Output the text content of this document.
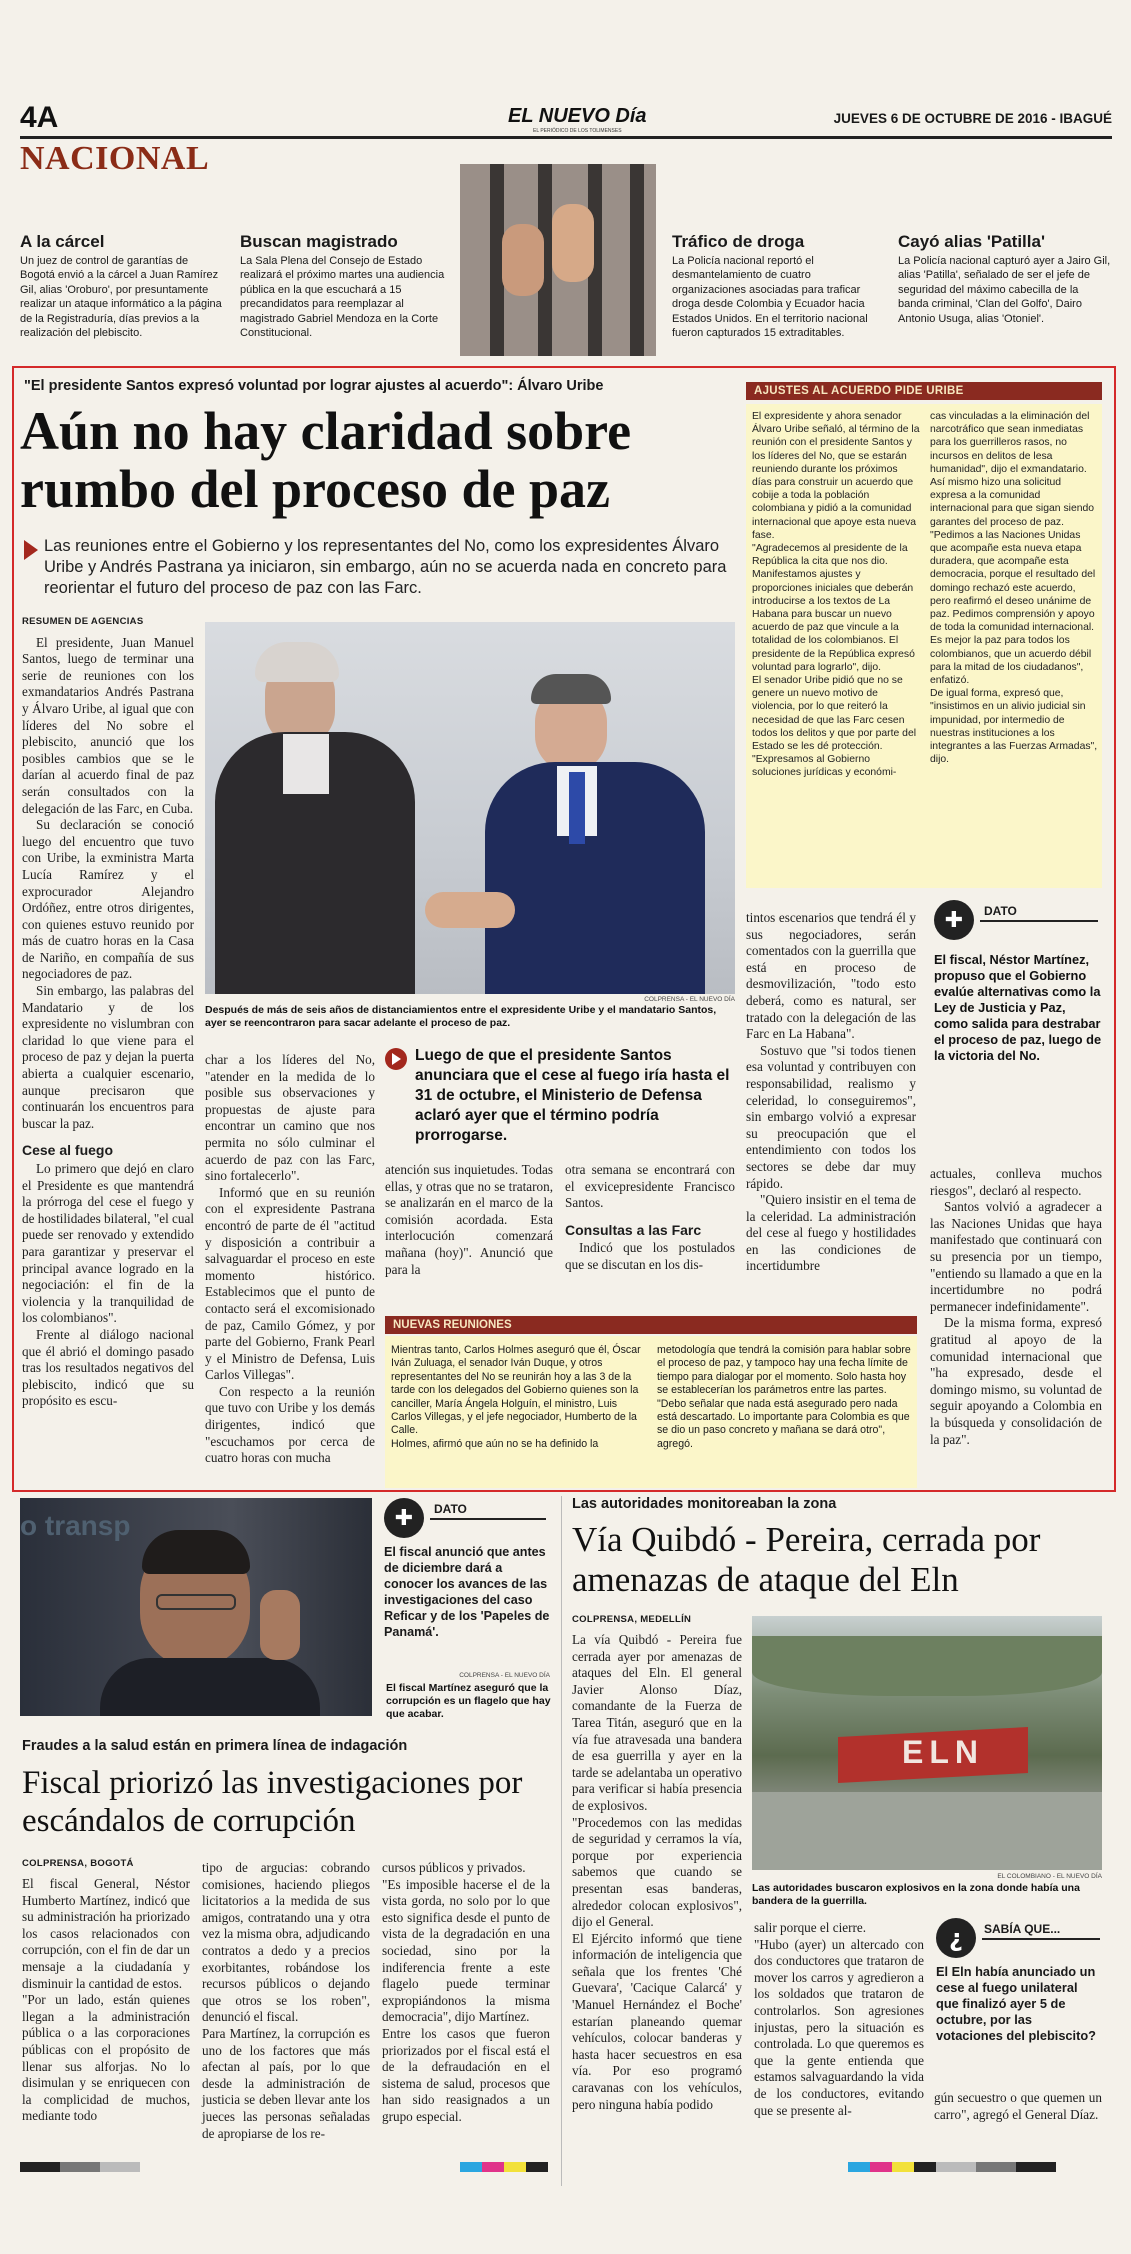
4A	EL NUEVO Día
EL PERIÓDICO DE LOS TOLIMENSES
JUEVES 6 DE OCTUBRE DE 2016 - IBAGUÉ
NACIONAL
A la cárcel
Un juez de control de garantías de Bogotá envió a la cárcel a Juan Ramírez Gil, alias 'Oroburo', por presuntamente realizar un ataque informático a la página de la Registraduría, días previos a la realización del plebiscito.
Buscan magistrado
La Sala Plena del Consejo de Estado realizará el próximo martes una audiencia pública en la que escuchará a 15 precandidatos para reemplazar al magistrado Gabriel Mendoza en la Corte Constitucional.
Tráfico de droga
La Policía nacional reportó el desmantelamiento de cuatro organizaciones asociadas para traficar droga desde Colombia y Ecuador hacia Estados Unidos. En el territorio nacional fueron capturados 15 extraditables.
Cayó alias 'Patilla'
La Policía nacional capturó ayer a Jairo Gil, alias 'Patilla', señalado de ser el jefe de seguridad del máximo cabecilla de la banda criminal, 'Clan del Golfo', Dairo Antonio Usuga, alias 'Otoniel'.
"El presidente Santos expresó voluntad por lograr ajustes al acuerdo": Álvaro Uribe
Aún no hay claridad sobre rumbo del proceso de paz
Las reuniones entre el Gobierno y los representantes del No, como los expresidentes Álvaro Uribe y Andrés Pastrana ya iniciaron, sin embargo, aún no se acuerda nada en concreto para reorientar el futuro del proceso de paz con las Farc.
COLPRENSA - EL NUEVO DÍA
Después de más de seis años de distanciamientos entre el expresidente Uribe y el mandatario Santos, ayer se reencontraron para sacar adelante el proceso de paz.
RESUMEN DE AGENCIAS

El presidente, Juan Manuel Santos, luego de terminar una serie de reuniones con los exmandatarios Andrés Pastrana y Álvaro Uribe, al igual que con líderes del No sobre el plebiscito, anunció que los posibles cambios que se le darían al acuerdo final de paz serán consultados con la delegación de las Farc, en Cuba.

Su declaración se conoció luego del encuentro que tuvo con Uribe, la exministra Marta Lucía Ramírez y el exprocurador Alejandro Ordóñez, entre otros dirigentes, con quienes estuvo reunido por más de cuatro horas en la Casa de Nariño, en compañía de sus negociadores de paz.

Sin embargo, las palabras del Mandatario y de los expresidente no vislumbran con claridad lo que viene para el proceso de paz y dejan la puerta abierta a cualquier escenario, aunque precisaron que continuarán los encuentros para buscar la paz.

Cese al fuego

Lo primero que dejó en claro el Presidente es que mantendrá la prórroga del cese el fuego y de hostilidades bilateral, "el cual puede ser renovado y extendido para garantizar y preservar el principal avance logrado en la negociación: el fin de la violencia y la tranquilidad de los colombianos".

Frente al diálogo nacional que él abrió el domingo pasado tras los resultados negativos del plebiscito, indicó que su propósito es escu-

char a los líderes del No, "atender en la medida de lo posible sus observaciones y propuestas de ajuste para encontrar un camino que nos permita no sólo culminar el acuerdo de paz con las Farc, sino fortalecerlo".

Informó que en su reunión con el expresidente Pastrana encontró de parte de él "actitud y disposición a contribuir a salvaguardar el proceso en este momento histórico. Establecimos que el punto de contacto será el excomisionado de paz, Camilo Gómez, y por parte del Gobierno, Frank Pearl y el Ministro de Defensa, Luis Carlos Villegas".

Con respecto a la reunión que tuvo con Uribe y los demás dirigentes, indicó que "escuchamos por cerca de cuatro horas con mucha

Luego de que el presidente Santos anunciara que el cese al fuego iría hasta el 31 de octubre, el Ministerio de Defensa aclaró ayer que el término podría prorrogarse.

atención sus inquietudes. Todas ellas, y otras que no se trataron, se analizarán en el marco de la comisión acordada. Esta interlocución comenzará mañana (hoy)". Anunció que para la

otra semana se encontrará con el exvicepresidente Francisco Santos.

Consultas a las Farc

Indicó que los postulados que se discutan en los dis-

tintos escenarios que tendrá él y sus negociadores, serán comentados con la guerrilla que está en proceso de desmovilización, "todo esto deberá, como es natural, ser tratado con la delegación de las Farc en La Habana".

Sostuvo que "si todos tienen esa voluntad y contribuyen con responsabilidad, realismo y celeridad, lo conseguiremos", sin embargo volvió a expresar su preocupación que el entendimiento con todos los sectores se debe dar muy rápido.

"Quiero insistir en el tema de la celeridad. La administración del cese al fuego y hostilidades en las condiciones de incertidumbre

AJUSTES AL ACUERDO PIDE URIBE
El expresidente y ahora senador Álvaro Uribe señaló, al término de la reunión con el presidente Santos y los líderes del No, que se estarán reuniendo durante los próximos días para construir un acuerdo que cobije a toda la población colombiana y pidió a la comunidad internacional que apoye esta nueva fase.
"Agradecemos al presidente de la República la cita que nos dio. Manifestamos ajustes y proporciones iniciales que deberán introducirse a los textos de La Habana para buscar un nuevo acuerdo de paz que vincule a la totalidad de los colombianos. El presidente de la República expresó voluntad para lograrlo", dijo.
El senador Uribe pidió que no se genere un nuevo motivo de violencia, por lo que reiteró la necesidad de que las Farc cesen todos los delitos y que por parte del Estado se les dé protección.
"Expresamos al Gobierno soluciones jurídicas y económi-
cas vinculadas a la eliminación del narcotráfico que sean inmediatas para los guerrilleros rasos, no incursos en delitos de lesa humanidad", dijo el exmandatario.
Así mismo hizo una solicitud expresa a la comunidad internacional para que sigan siendo garantes del proceso de paz.
"Pedimos a las Naciones Unidas que acompañe esta nueva etapa duradera, que acompañe esta democracia, porque el resultado del domingo rechazó este acuerdo, pero reafirmó el deseo unánime de paz. Pedimos comprensión y apoyo de toda la comunidad internacional. Es mejor la paz para todos los colombianos, que un acuerdo débil para la mitad de los ciudadanos", enfatizó.
De igual forma, expresó que, "insistimos en un alivio judicial sin impunidad, por intermedio de nuestras instituciones a los integrantes a las Fuerzas Armadas", dijo.
✚	DATO
El fiscal, Néstor Martínez, propuso que el Gobierno evalúe alternativas como la Ley de Justicia y Paz, como salida para destrabar el proceso de paz, luego de la victoria del No.

actuales, conlleva muchos riesgos", declaró al respecto.

Santos volvió a agradecer a las Naciones Unidas que haya manifestado que continuará con su presencia por un tiempo, "entiendo su llamado a que en la incertidumbre no podrá permanecer indefinidamente".

De la misma forma, expresó gratitud al apoyo de la comunidad internacional que "ha expresado, desde el domingo mismo, su voluntad de seguir apoyando a Colombia en la búsqueda y consolidación de la paz".

NUEVAS REUNIONES
Mientras tanto, Carlos Holmes aseguró que él, Óscar Iván Zuluaga, el senador Iván Duque, y otros representantes del No se reunirán hoy a las 3 de la tarde con los delegados del Gobierno quienes son la canciller, María Ángela Holguín, el ministro, Luis Carlos Villegas, y el jefe negociador, Humberto de la Calle.
Holmes, afirmó que aún no se ha definido la
metodología que tendrá la comisión para hablar sobre el proceso de paz, y tampoco hay una fecha límite de tiempo para dialogar por el momento. Solo hasta hoy se establecerían los parámetros entre las partes.
"Debo señalar que nada está asegurado pero nada está descartado. Lo importante para Colombia es que se dio un paso concreto y mañana se dará otro", agregó.
o transp	✚	DATO
El fiscal anunció que antes de diciembre dará a conocer los avances de las investigaciones del caso Reficar y de los 'Papeles de Panamá'.
COLPRENSA - EL NUEVO DÍA
El fiscal Martínez aseguró que la corrupción es un flagelo que hay que acabar.
Fraudes a la salud están en primera línea de indagación
Fiscal priorizó las investigaciones por escándalos de corrupción
COLPRENSA, BOGOTÁ
El fiscal General, Néstor Humberto Martínez, indicó que su administración ha priorizado los casos relacionados con corrupción, con el fin de dar un mensaje a la ciudadanía y disminuir la cantidad de estos.
"Por un lado, están quienes llegan a la administración pública o a las corporaciones públicas con el propósito de llenar sus alforjas. No lo disimulan y se enriquecen con la complicidad de muchos, mediante todo
tipo de argucias: cobrando comisiones, haciendo pliegos licitatorios a la medida de sus amigos, contratando una y otra vez la misma obra, adjudicando contratos a dedo y a precios exorbitantes, robándose los recursos públicos o dejando que otros se los roben", denunció el fiscal.
Para Martínez, la corrupción es uno de los factores que más afectan al país, por lo que desde la administración de justicia se deben llevar ante los jueces las personas señaladas de apropiarse de los re-
cursos públicos y privados.
"Es imposible hacerse el de la vista gorda, no solo por lo que esto significa desde el punto de vista de la degradación en una sociedad, sino por la indiferencia frente a este flagelo puede terminar expropiándonos la misma democracia", dijo Martínez.
Entre los casos que fueron priorizados por el fiscal está el de la defraudación en el sistema de salud, procesos que han sido reasignados a un grupo especial.
Las autoridades monitoreaban la zona
Vía Quibdó - Pereira, cerrada por amenazas de ataque del Eln
COLPRENSA, MEDELLÍN
La vía Quibdó - Pereira fue cerrada ayer por amenazas de ataques del Eln. El general Javier Alonso Díaz, comandante de la Fuerza de Tarea Titán, aseguró que en la vía fue atravesada una bandera de esa guerrilla y ayer en la tarde se adelantaba un operativo para verificar si había presencia de explosivos.
"Procedemos con las medidas de seguridad y cerramos la vía, porque por experiencia sabemos que cuando se presentan esas banderas, alrededor colocan explosivos", dijo el General.
El Ejército informó que tiene información de inteligencia que señala que los frentes 'Ché Guevara', 'Cacique Calarcá' y 'Manuel Hernández el Boche' estarían planeando quemar vehículos, colocar banderas y hasta hacer secuestros en esa vía. Por eso programó caravanas con los vehículos, pero ninguna había podido
ELN
EL COLOMBIANO - EL NUEVO DÍA
Las autoridades buscaron explosivos en la zona donde había una bandera de la guerrilla.
salir porque el cierre.
"Hubo (ayer) un altercado con dos conductores que trataron de mover los carros y agredieron a los soldados que trataron de controlarlos. Son agresiones injustas, pero la situación es controlada. Lo que queremos es que la gente entienda que estamos salvaguardando la vida de los conductores, evitando que se presente al-
¿	SABÍA QUE...
El Eln había anunciado un cese al fuego unilateral que finalizó ayer 5 de octubre, por las votaciones del plebiscito?
gún secuestro o que quemen un carro", agregó el General Díaz.
